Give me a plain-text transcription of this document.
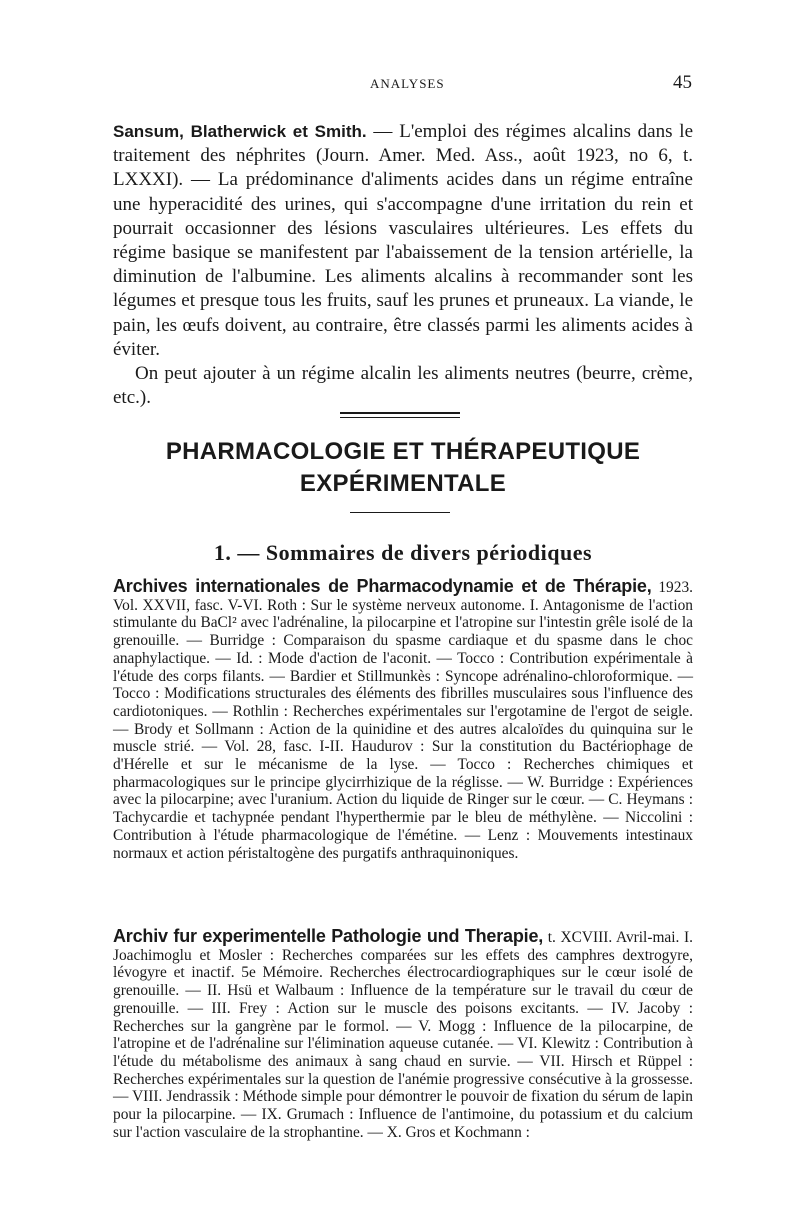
ANALYSES	45

Sansum, Blatherwick et Smith. — L'emploi des régimes alcalins dans le traitement des néphrites (Journ. Amer. Med. Ass., août 1923, no 6, t. LXXXI). — La prédominance d'aliments acides dans un régime entraîne une hyperacidité des urines, qui s'accompagne d'une irritation du rein et pourrait occasionner des lésions vasculaires ultérieures. Les effets du régime basique se manifestent par l'abaissement de la tension artérielle, la diminution de l'albumine. Les aliments alcalins à recommander sont les légumes et presque tous les fruits, sauf les prunes et pruneaux. La viande, le pain, les œufs doivent, au contraire, être classés parmi les aliments acides à éviter.

On peut ajouter à un régime alcalin les aliments neutres (beurre, crème, etc.).

PHARMACOLOGIE ET THÉRAPEUTIQUE
EXPÉRIMENTALE
1. — Sommaires de divers périodiques

Archives internationales de Pharmacodynamie et de Thérapie, 1923. Vol. XXVII, fasc. V-VI. Roth : Sur le système nerveux autonome. I. Antagonisme de l'action stimulante du BaCl² avec l'adrénaline, la pilocarpine et l'atropine sur l'intestin grêle isolé de la grenouille. — Burridge : Comparaison du spasme cardiaque et du spasme dans le choc anaphylactique. — Id. : Mode d'action de l'aconit. — Tocco : Contribution expérimentale à l'étude des corps filants. — Bardier et Stillmunkès : Syncope adrénalino-chloroformique. — Tocco : Modifications structurales des éléments des fibrilles musculaires sous l'influence des cardiotoniques. — Rothlin : Recherches expérimentales sur l'ergotamine de l'ergot de seigle. — Brody et Sollmann : Action de la quinidine et des autres alcaloïdes du quinquina sur le muscle strié. — Vol. 28, fasc. I-II. Haudurov : Sur la constitution du Bactériophage de d'Hérelle et sur le mécanisme de la lyse. — Tocco : Recherches chimiques et pharmacologiques sur le principe glycirrhizique de la réglisse. — W. Burridge : Expériences avec la pilocarpine; avec l'uranium. Action du liquide de Ringer sur le cœur. — C. Heymans : Tachycardie et tachypnée pendant l'hyperthermie par le bleu de méthylène. — Niccolini : Contribution à l'étude pharmacologique de l'émétine. — Lenz : Mouvements intestinaux normaux et action péristaltogène des purgatifs anthraquinoniques.

Archiv fur experimentelle Pathologie und Therapie, t. XCVIII. Avril-mai. I. Joachimoglu et Mosler : Recherches comparées sur les effets des camphres dextrogyre, lévogyre et inactif. 5e Mémoire. Recherches électrocardiographiques sur le cœur isolé de grenouille. — II. Hsü et Walbaum : Influence de la température sur le travail du cœur de grenouille. — III. Frey : Action sur le muscle des poisons excitants. — IV. Jacoby : Recherches sur la gangrène par le formol. — V. Mogg : Influence de la pilocarpine, de l'atropine et de l'adrénaline sur l'élimination aqueuse cutanée. — VI. Klewitz : Contribution à l'étude du métabolisme des animaux à sang chaud en survie. — VII. Hirsch et Rüppel : Recherches expérimentales sur la question de l'anémie progressive consécutive à la grossesse. — VIII. Jendrassik : Méthode simple pour démontrer le pouvoir de fixation du sérum de lapin pour la pilocarpine. — IX. Grumach : Influence de l'antimoine, du potassium et du calcium sur l'action vasculaire de la strophantine. — X. Gros et Kochmann :
